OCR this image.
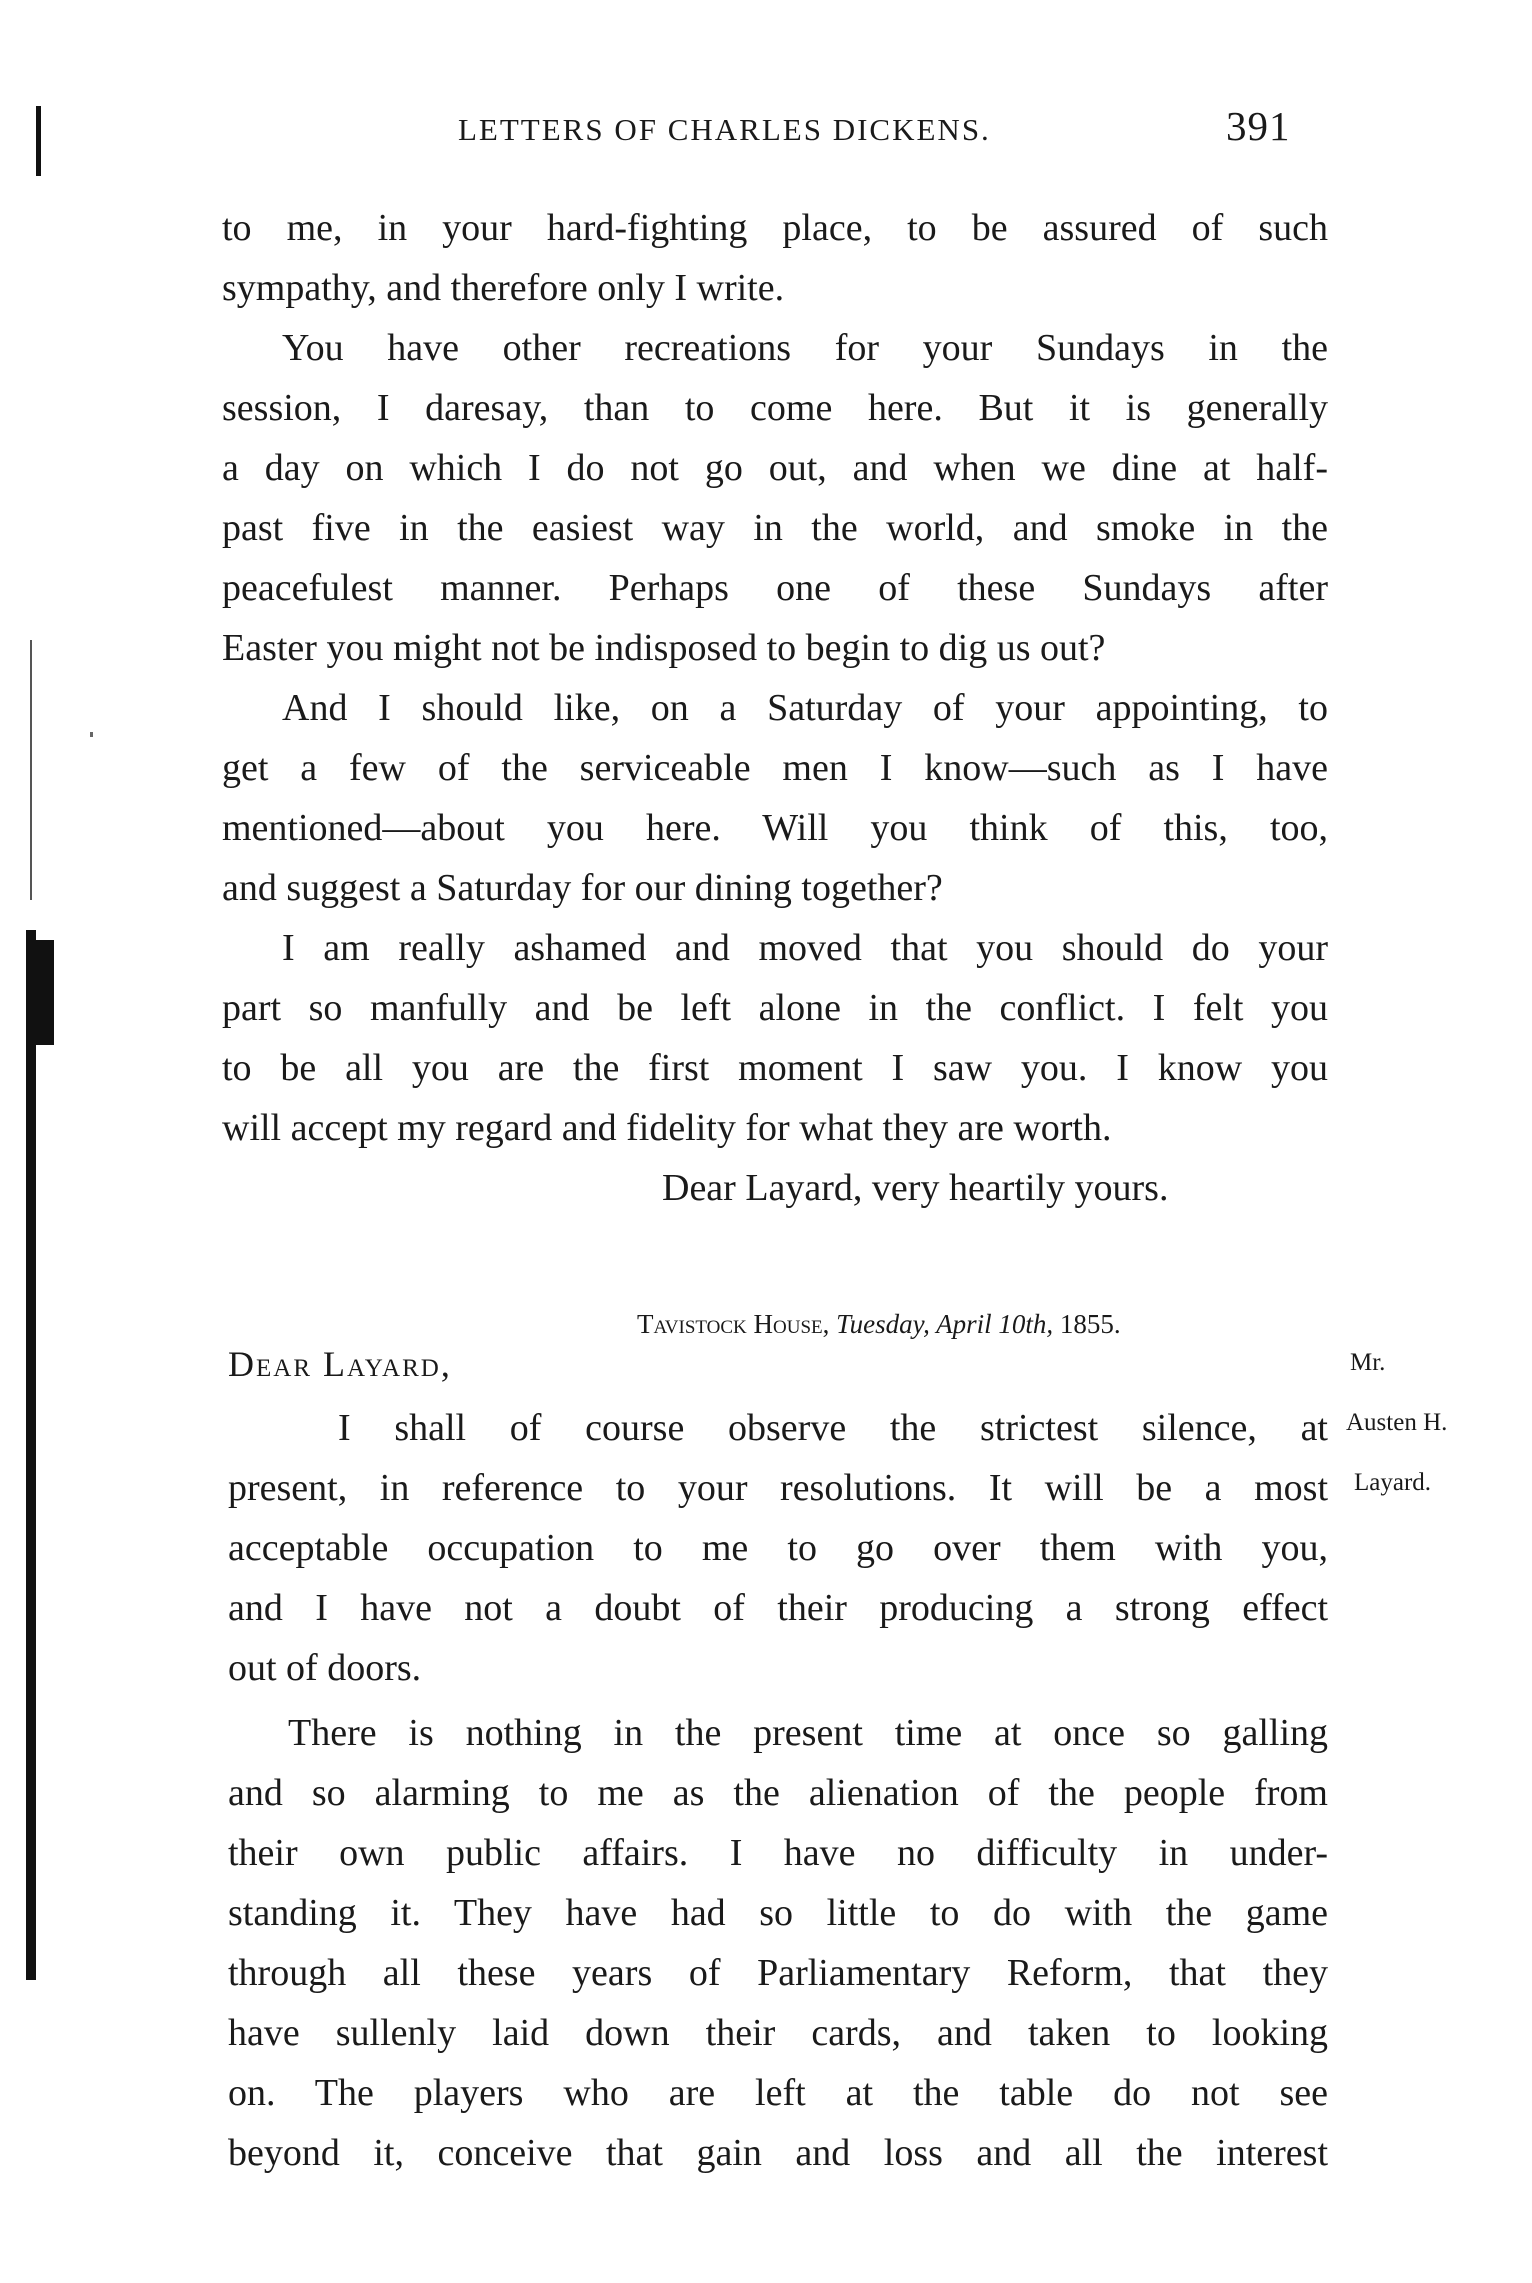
LETTERS OF CHARLES DICKENS.	391
to me, in your hard-fighting place, to be assured of such
sympathy, and therefore only I write.
You have other recreations for your Sundays in the
session, I daresay, than to come here. But it is generally
a day on which I do not go out, and when we dine at half-
past five in the easiest way in the world, and smoke in the
peacefulest manner. Perhaps one of these Sundays after
Easter you might not be indisposed to begin to dig us out?
And I should like, on a Saturday of your appointing, to
get a few of the serviceable men I know—such as I have
mentioned—about you here. Will you think of this, too,
and suggest a Saturday for our dining together?
I am really ashamed and moved that you should do your
part so manfully and be left alone in the conflict. I felt you
to be all you are the first moment I saw you. I know you
will accept my regard and fidelity for what they are worth.
Dear Layard, very heartily yours.
Tavistock House, Tuesday, April 10th, 1855.

Mr.

Austen H.

Layard.

Dear Layard,
I shall of course observe the strictest silence, at
present, in reference to your resolutions. It will be a most
acceptable occupation to me to go over them with you,
and I have not a doubt of their producing a strong effect
out of doors.
There is nothing in the present time at once so galling
and so alarming to me as the alienation of the people from
their own public affairs. I have no difficulty in under-
standing it. They have had so little to do with the game
through all these years of Parliamentary Reform, that they
have sullenly laid down their cards, and taken to looking
on. The players who are left at the table do not see
beyond it, conceive that gain and loss and all the interest
